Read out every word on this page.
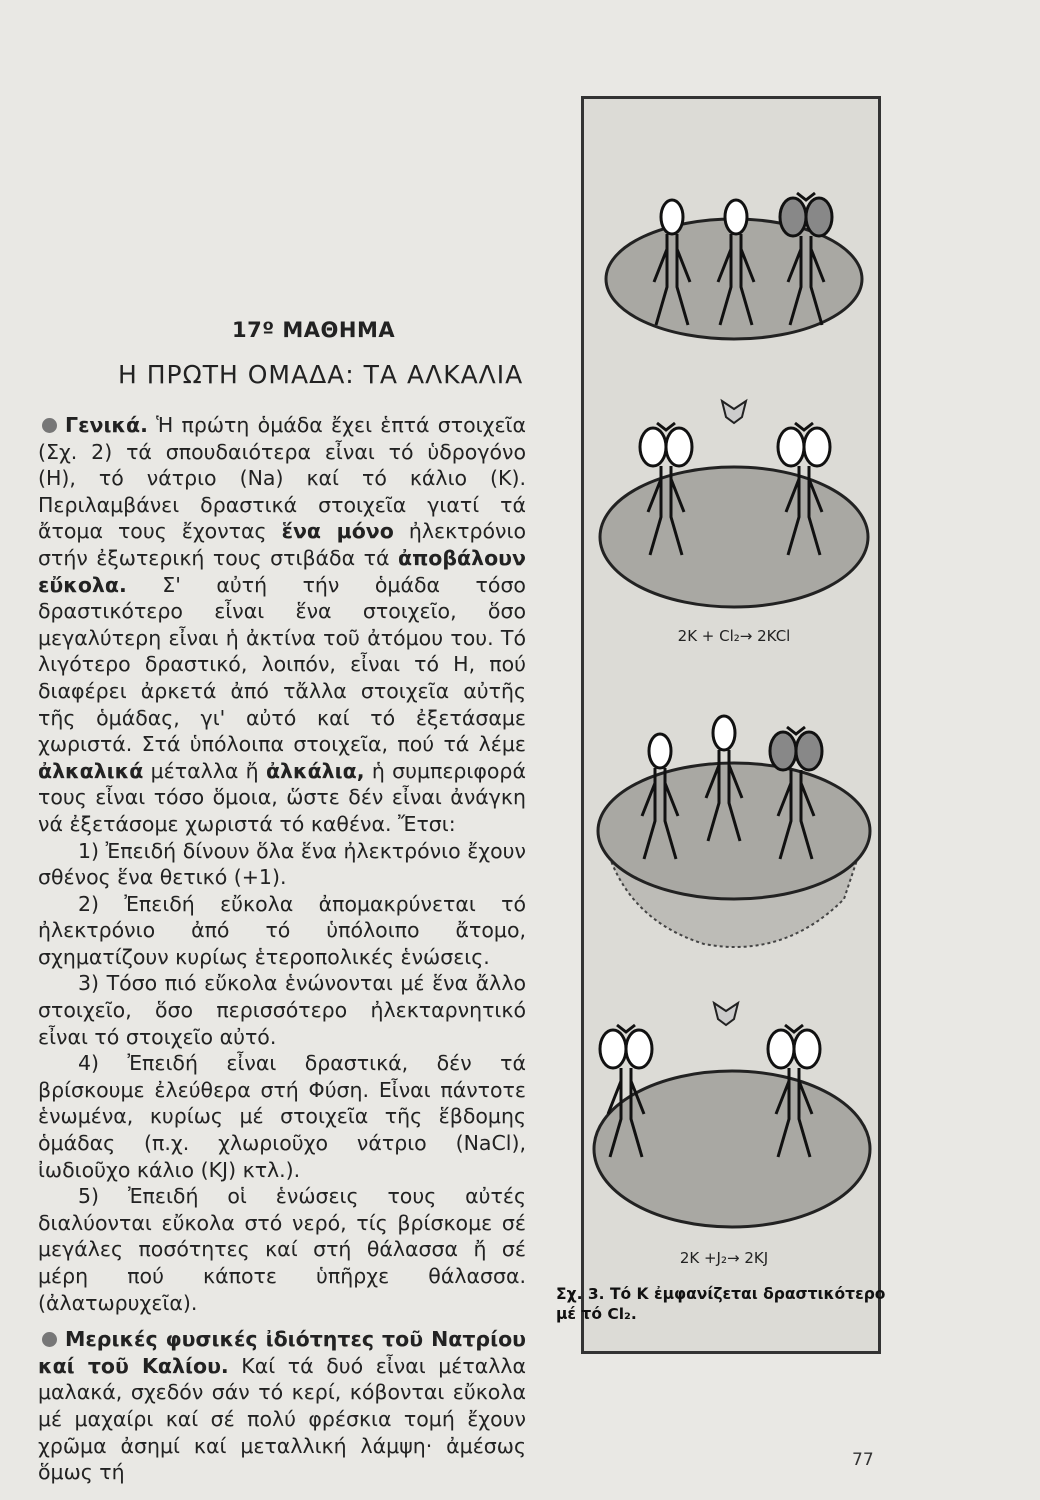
17º ΜΑΘΗΜΑ
Η ΠΡΩΤΗ ΟΜΑΔΑ: ΤΑ ΑΛΚΑΛΙΑ

Γενικά. Ἡ πρώτη ὁμάδα ἔχει ἑπτά στοιχεῖα (Σχ. 2) τά σπουδαιότερα εἶναι τό ὑδρογόνο (Η), τό νάτριο (Na) καί τό κάλιο (Κ). Περιλαμβάνει δραστικά στοιχεῖα γιατί τά ἄτομα τους ἔχοντας ἕνα μόνο ἠλεκτρόνιο στήν ἐξωτερική τους στιβάδα τά ἀποβάλουν εὔκολα. Σ' αὐτή τήν ὁμάδα τόσο δραστικότερο εἶναι ἕνα στοιχεῖο, ὅσο μεγαλύτερη εἶναι ἡ ἀκτίνα τοῦ ἀτόμου του. Τό λιγότερο δραστικό, λοιπόν, εἶναι τό Η, πού διαφέρει ἀρκετά ἀπό τἄλλα στοιχεῖα αὐτῆς τῆς ὁμάδας, γι' αὐτό καί τό ἐξετάσαμε χωριστά. Στά ὑπόλοιπα στοιχεῖα, πού τά λέμε ἀλκαλικά μέταλλα ἤ ἀλκάλια, ἡ συμπεριφορά τους εἶναι τόσο ὅμοια, ὥστε δέν εἶναι ἀνάγκη νά ἐξετάσομε χωριστά τό καθένα. Ἔτσι:

1) Ἐπειδή δίνουν ὅλα ἕνα ἠλεκτρόνιο ἔχουν σθένος ἕνα θετικό (+1).

2) Ἐπειδή εὔκολα ἀπομακρύνεται τό ἠλεκτρόνιο ἀπό τό ὑπόλοιπο ἄτομο, σχηματίζουν κυρίως ἑτεροπολικές ἑνώσεις.

3) Τόσο πιό εὔκολα ἑνώνονται μέ ἕνα ἄλλο στοιχεῖο, ὅσο περισσότερο ἠλεκταρνητικό εἶναι τό στοιχεῖο αὐτό.

4) Ἐπειδή εἶναι δραστικά, δέν τά βρίσκουμε ἐλεύθερα στή Φύση. Εἶναι πάντοτε ἑνωμένα, κυρίως μέ στοιχεῖα τῆς ἕβδομης ὁμάδας (π.χ. χλωριοῦχο νάτριο (NaCl), ἰωδιοῦχο κάλιο (KJ) κτλ.).

5) Ἐπειδή οἱ ἑνώσεις τους αὐτές διαλύονται εὔκολα στό νερό, τίς βρίσκομε σέ μεγάλες ποσότητες καί στή θάλασσα ἤ σέ μέρη πού κάποτε ὑπῆρχε θάλασσα. (ἀλατωρυχεῖα).

Μερικές φυσικές ἰδιότητες τοῦ Νατρίου καί τοῦ Καλίου. Καί τά δυό εἶναι μέταλλα μαλακά, σχεδόν σάν τό κερί, κόβονται εὔκολα μέ μαχαίρι καί σέ πολύ φρέσκια τομή ἔχουν χρῶμα ἀσημί καί μεταλλική λάμψη· ἀμέσως ὅμως τή

2K + Cl₂→ 2KCl
2K +J₂→ 2KJ
Σχ. 3. Τό Κ ἐμφανίζεται δραστικότερο μέ τό Cl₂.
77
